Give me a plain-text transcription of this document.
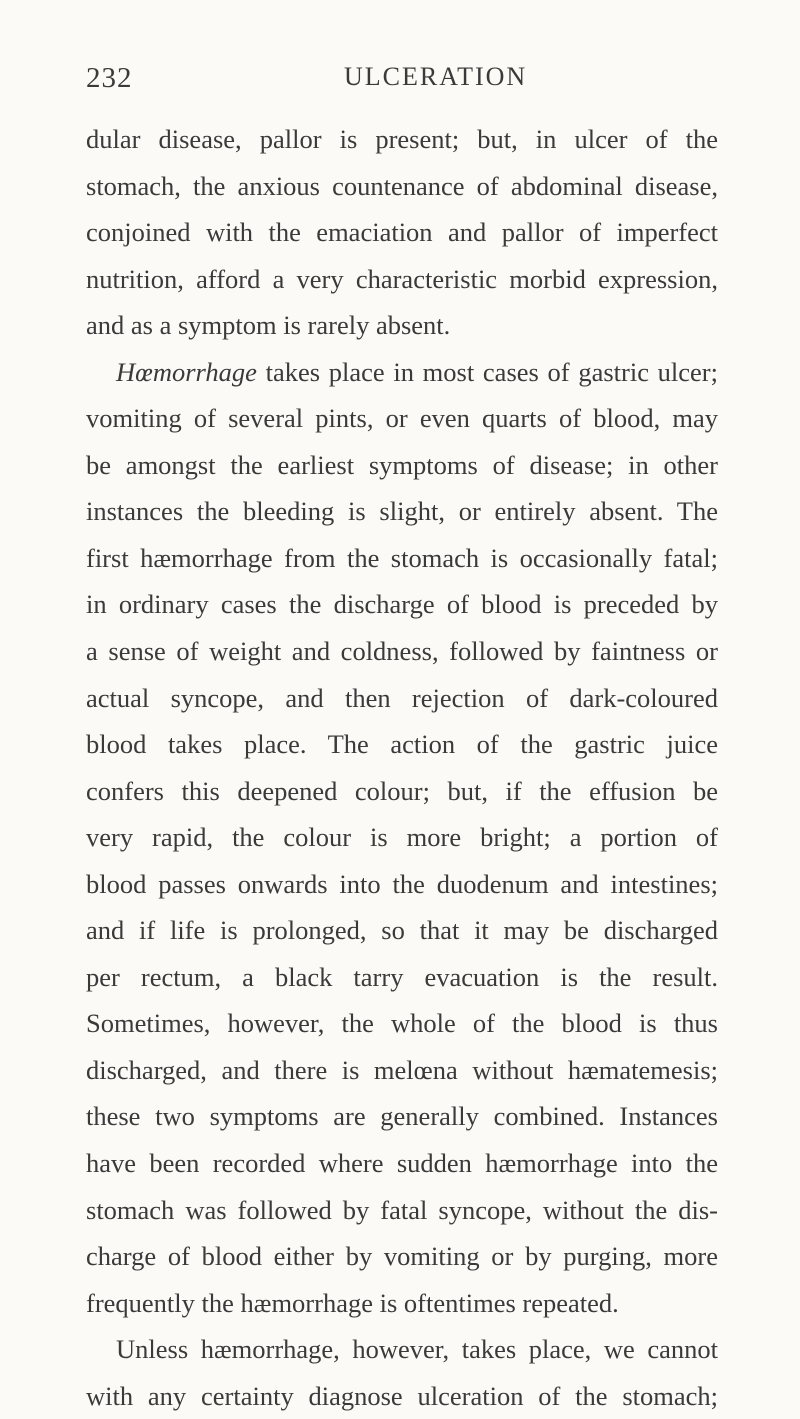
232	ULCERATION
dular disease, pallor is present; but, in ulcer of the
stomach, the anxious countenance of abdominal disease,
conjoined with the emaciation and pallor of imperfect
nutrition, afford a very characteristic morbid expression,
and as a symptom is rarely absent.
Hœmorrhage takes place in most cases of gastric ulcer;
vomiting of several pints, or even quarts of blood, may
be amongst the earliest symptoms of disease; in other
instances the bleeding is slight, or entirely absent. The
first hæmorrhage from the stomach is occasionally fatal;
in ordinary cases the discharge of blood is preceded by
a sense of weight and coldness, followed by faintness or
actual syncope, and then rejection of dark-coloured
blood takes place. The action of the gastric juice
confers this deepened colour; but, if the effusion be
very rapid, the colour is more bright; a portion of
blood passes onwards into the duodenum and intestines;
and if life is prolonged, so that it may be discharged
per rectum, a black tarry evacuation is the result.
Sometimes, however, the whole of the blood is thus
discharged, and there is melœna without hæmatemesis;
these two symptoms are generally combined. Instances
have been recorded where sudden hæmorrhage into the
stomach was followed by fatal syncope, without the dis-
charge of blood either by vomiting or by purging, more
frequently the hæmorrhage is oftentimes repeated.
Unless hæmorrhage, however, takes place, we cannot
with any certainty diagnose ulceration of the stomach;
